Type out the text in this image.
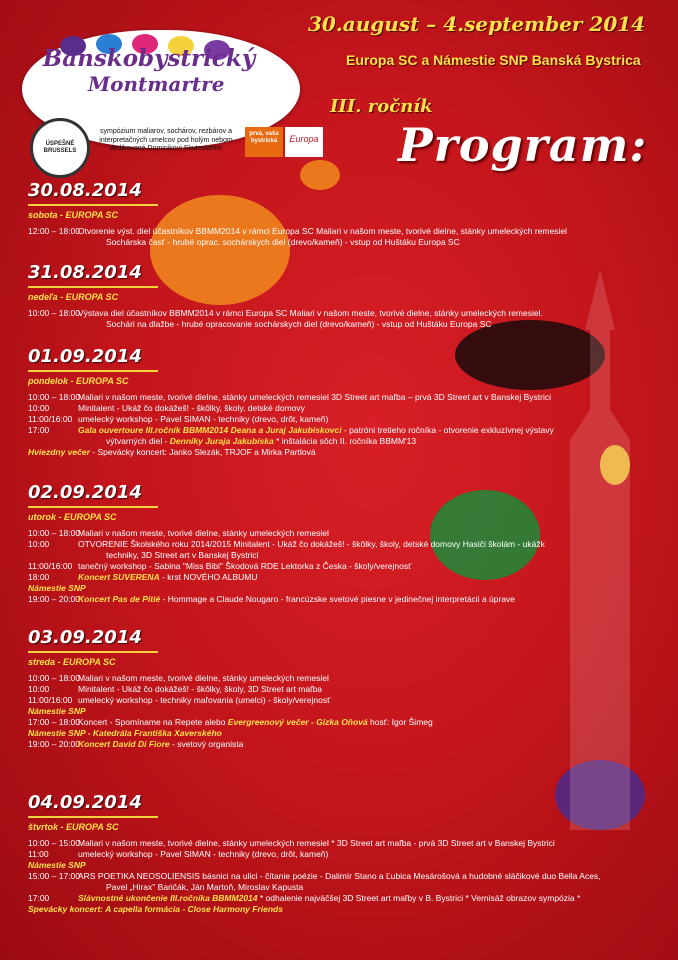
Banskobystrický
Montmartre
ÚSPEŠNÉ BRUSSELS
sympózium maliarov, sochárov, rezbárov a interpretačných umelcov pod holým nebom dedikované Dominikovi Skuteckému
prvá, vaša bystrická	Europa
30.august – 4.september 2014
Europa SC a Námestie SNP Banská Bystrica
III. ročník
Program:
30.08.2014
sobota - EUROPA SC
12:00 – 18:00Otvorenie výst. diel účastníkov BBMM2014 v rámci Europa SC Maliari v našom meste, tvorivé dielne, stánky umeleckých remesiel
Sochárska časť - hrubé oprac. sochárskych diel (drevo/kameň) - vstup od Huštáku Europa SC
31.08.2014
nedeľa - EUROPA SC
10:00 – 18:00Výstava diel účastníkov BBMM2014 v rámci Europa SC Maliari v našom meste, tvorivé dielne, stánky umeleckých remesiel.
Sochári na dlažbe - hrubé opracovanie sochárskych diel (drevo/kameň) - vstup od Huštáku Europa SC
01.09.2014
pondelok - EUROPA SC
10:00 – 18:00Maliari v našom meste, tvorivé dielne, stánky umeleckých remesiel 3D Street art maľba – prvá 3D Street art v Banskej Bystrici
10:00	Minitalent - Ukáž čo dokážeš! - škôlky, školy, detské domovy
11:00/16:00 umelecký workshop - Pavel SIMAN - techniky (drevo, drôt, kameň)
17:00	Gala ouvertoure III.ročník BBMM2014 Deana a Juraj Jakubiskovci - patróni tretieho ročníka - otvorenie exkluzívnej výstavy
výtvarných diel - Denníky Juraja Jakubiska * inštalácia sôch II. ročníka BBMM'13
Hviezdny večer - Spevácky koncert: Janko Slezák, TRJOF a Mirka Partlová
02.09.2014
utorok - EUROPA SC
10:00 – 18:00Maliari v našom meste, tvorivé dielne, stánky umeleckých remesiel
10:00	OTVORENIE Školského roku 2014/2015 Minitalent - Ukáž čo dokážeš! - škôlky, školy, detské domovy Hasiči školám - ukážk
techniky, 3D Street art v Banskej Bystrici
11:00/16:00 tanečný workshop - Sabina "Miss Bibi" Škodová RDE Lektorka z Česka - školy/verejnosť
18:00	Koncert SUVERENA - krst NOVÉHO ALBUMU
Námestie SNP
19:00 – 20:00Koncert Pas de Pitié - Hommage a Claude Nougaro - francúzske svetové piesne v jedinečnej interpretácii a úprave
03.09.2014
streda - EUROPA SC
10:00 – 18:00Maliari v našom meste, tvorivé dielne, stánky umeleckých remesiel
10:00	Minitalent - Ukáž čo dokážeš! - škôlky, školy, 3D Street art maľba
11:00/16:00 umelecký workshop - techniky maľovania (umelci) - školy/verejnosť
Námestie SNP
17:00 – 18:00Koncert - Spomíname na Repete alebo Evergreenový večer - Gizka Oňová hosť: Igor Šimeg
Námestie SNP - Katedrála Františka Xaverského
19:00 – 20:00Koncert David Di Fiore - svetový organista
04.09.2014
štvrtok - EUROPA SC
10:00 – 15:00Maliari v našom meste, tvorivé dielne, stánky umeleckých remesiel * 3D Street art maľba - prvá 3D Street art v Banskej Bystrici
11:00	umelecký workshop - Pavel SIMAN - techniky (drevo, drôt, kameň)
Námestie SNP
15:00 – 17:00ARS POETIKA NEOSOLIENSIS básnici na ulici - čítanie poézie - Dalimír Stano a Ľubica Mesárošová a hudobné sláčikové duo Bella Aces,
Pavel „Hirax" Baričák, Ján Martoň, Miroslav Kapusta
17:00	Slávnostné ukončenie III.ročníka BBMM2014 * odhalenie najväčšej 3D Street art maľby v B. Bystrici * Vernisáž obrazov sympózia *
Spevácky koncert: A capella formácia - Close Harmony Friends
